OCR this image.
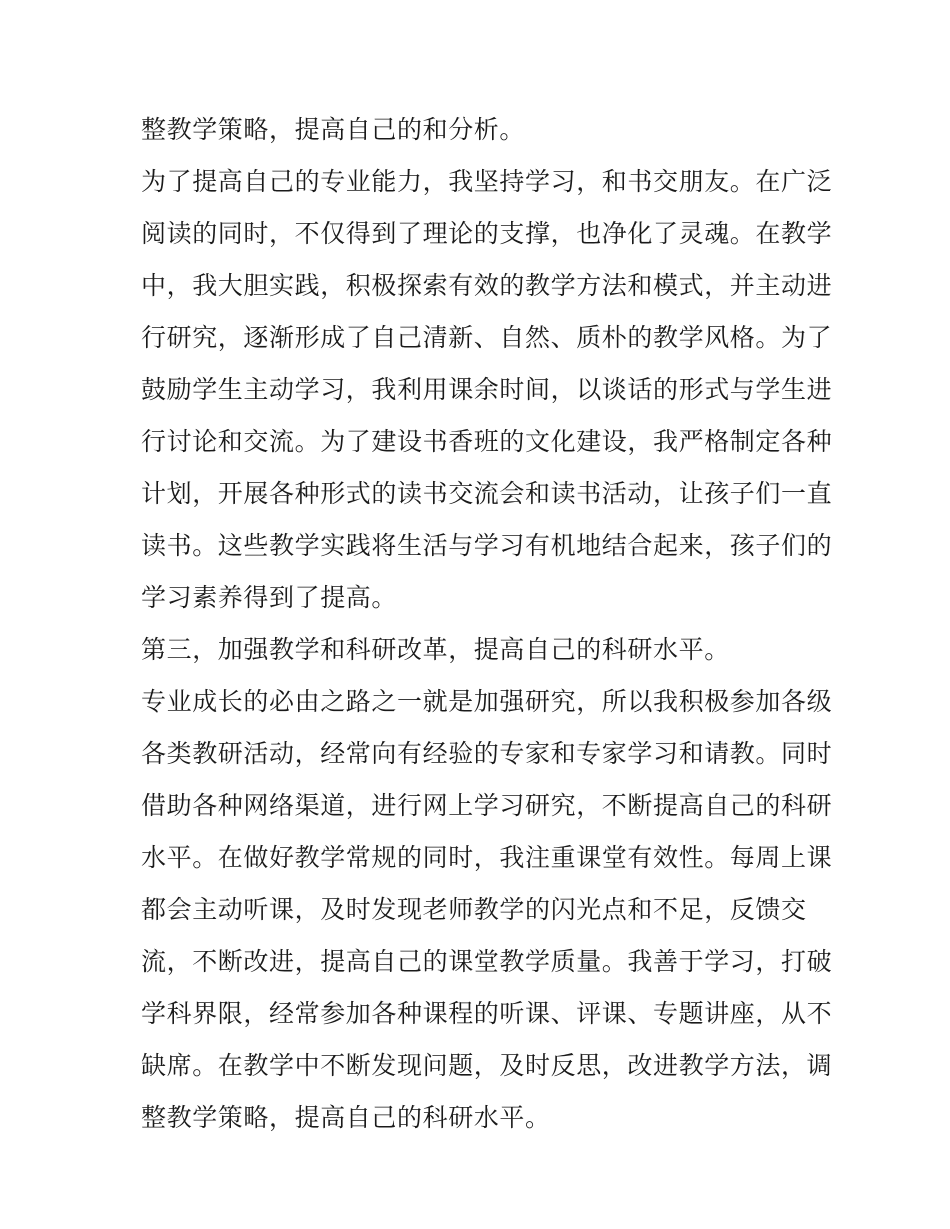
整教学策略，提高自己的和分析。
为了提高自己的专业能力，我坚持学习，和书交朋友。在广泛
阅读的同时，不仅得到了理论的支撑，也净化了灵魂。在教学
中，我大胆实践，积极探索有效的教学方法和模式，并主动进
行研究，逐渐形成了自己清新、自然、质朴的教学风格。为了
鼓励学生主动学习，我利用课余时间，以谈话的形式与学生进
行讨论和交流。为了建设书香班的文化建设，我严格制定各种
计划，开展各种形式的读书交流会和读书活动，让孩子们一直
读书。这些教学实践将生活与学习有机地结合起来，孩子们的
学习素养得到了提高。
第三，加强教学和科研改革，提高自己的科研水平。
专业成长的必由之路之一就是加强研究，所以我积极参加各级
各类教研活动，经常向有经验的专家和专家学习和请教。同时
借助各种网络渠道，进行网上学习研究，不断提高自己的科研
水平。在做好教学常规的同时，我注重课堂有效性。每周上课
都会主动听课，及时发现老师教学的闪光点和不足，反馈交
流，不断改进，提高自己的课堂教学质量。我善于学习，打破
学科界限，经常参加各种课程的听课、评课、专题讲座，从不
缺席。在教学中不断发现问题，及时反思，改进教学方法，调
整教学策略，提高自己的科研水平。
